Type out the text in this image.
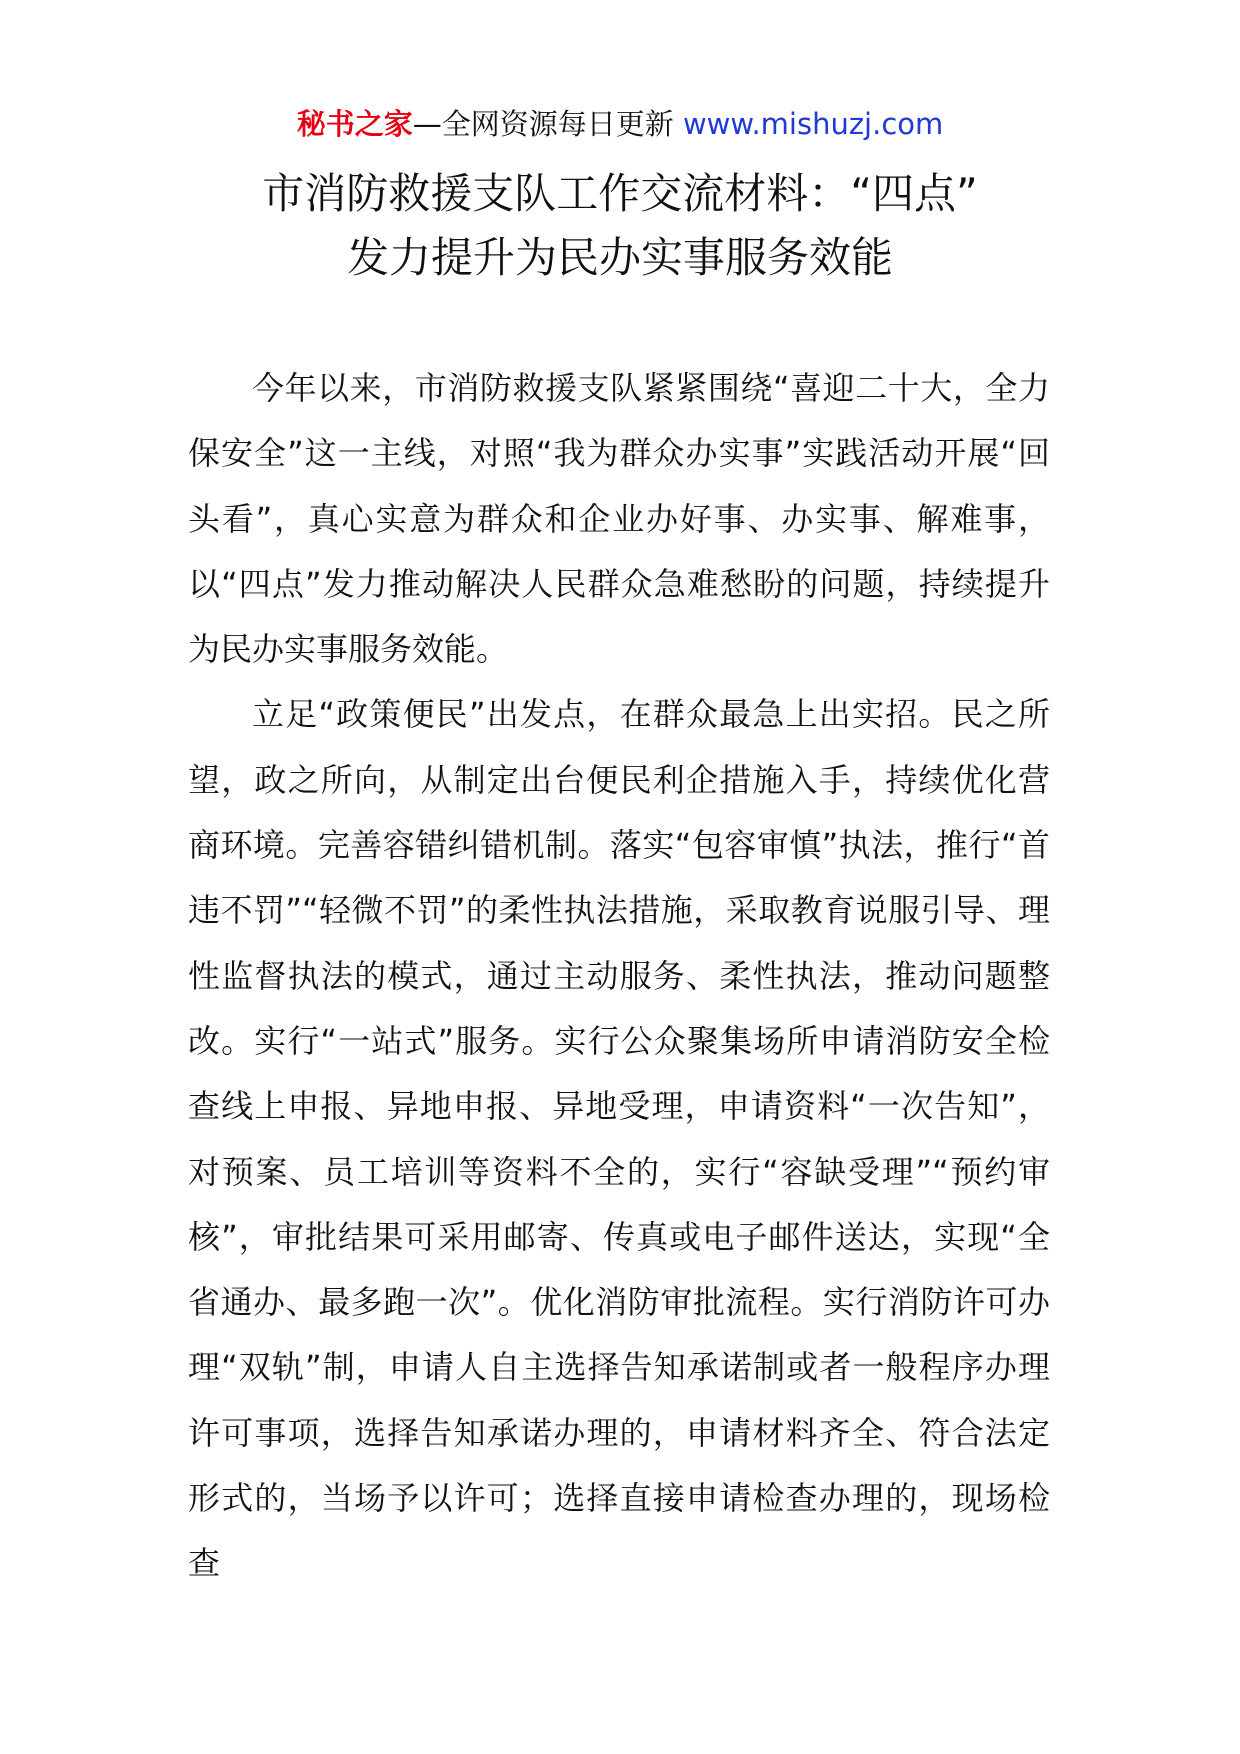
秘书之家—全网资源每日更新 www.mishuzj.com
市消防救援支队工作交流材料：“四点”
发力提升为民办实事服务效能

今年以来，市消防救援支队紧紧围绕“喜迎二十大，全力保安全”这一主线，对照“我为群众办实事”实践活动开展“回头看”，真心实意为群众和企业办好事、办实事、解难事，以“四点”发力推动解决人民群众急难愁盼的问题，持续提升为民办实事服务效能。

立足“政策便民”出发点，在群众最急上出实招。民之所望，政之所向，从制定出台便民利企措施入手，持续优化营商环境。完善容错纠错机制。落实“包容审慎”执法，推行“首违不罚”“轻微不罚”的柔性执法措施，采取教育说服引导、理性监督执法的模式，通过主动服务、柔性执法，推动问题整改。实行“一站式”服务。实行公众聚集场所申请消防安全检查线上申报、异地申报、异地受理，申请资料“一次告知”，对预案、员工培训等资料不全的，实行“容缺受理”“预约审核”，审批结果可采用邮寄、传真或电子邮件送达，实现“全省通办、最多跑一次”。优化消防审批流程。实行消防许可办理“双轨”制，申请人自主选择告知承诺制或者一般程序办理许可事项，选择告知承诺办理的，申请材料齐全、符合法定形式的，当场予以许可；选择直接申请检查办理的，现场检查
